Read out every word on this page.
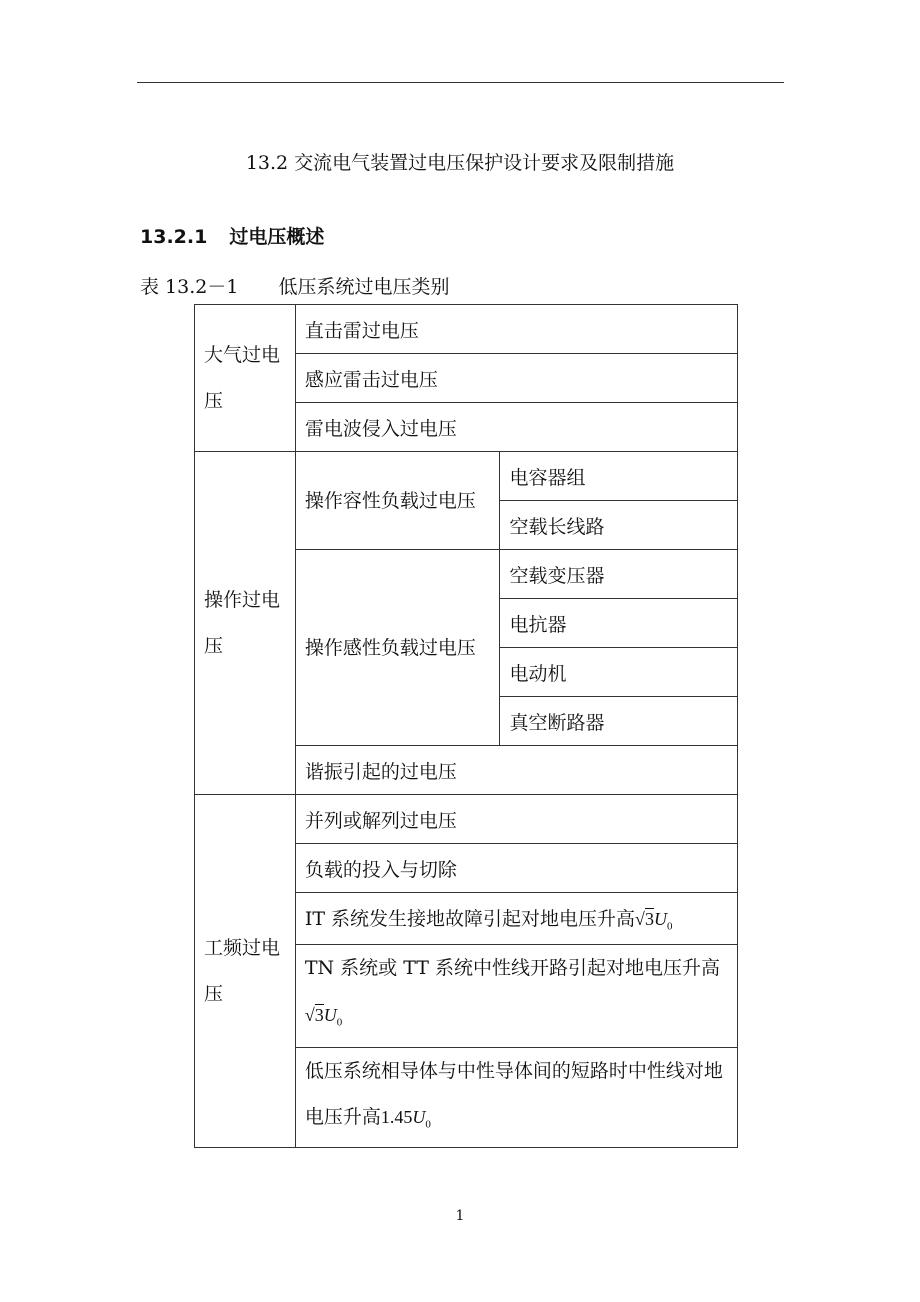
13.2 交流电气装置过电压保护设计要求及限制措施
13.2.1 过电压概述
表 13.2－1 低压系统过电压类别
大气过电压	直击雷过电压	
	感应雷击过电压	
	雷电波侵入过电压	
操作过电压	操作容性负载过电压	电容器组
		空载长线路
	操作感性负载过电压	空载变压器
		电抗器
		电动机
		真空断路器
	谐振引起的过电压	
工频过电压	并列或解列过电压	
	负载的投入与切除	
	IT 系统发生接地故障引起对地电压升高$√3U_0$
	TN 系统或 TT 系统中性线开路引起对地电压升高$√3U_0$
	低压系统相导体与中性导体间的短路时中性线对地电压升高$1.45U_0$
1
